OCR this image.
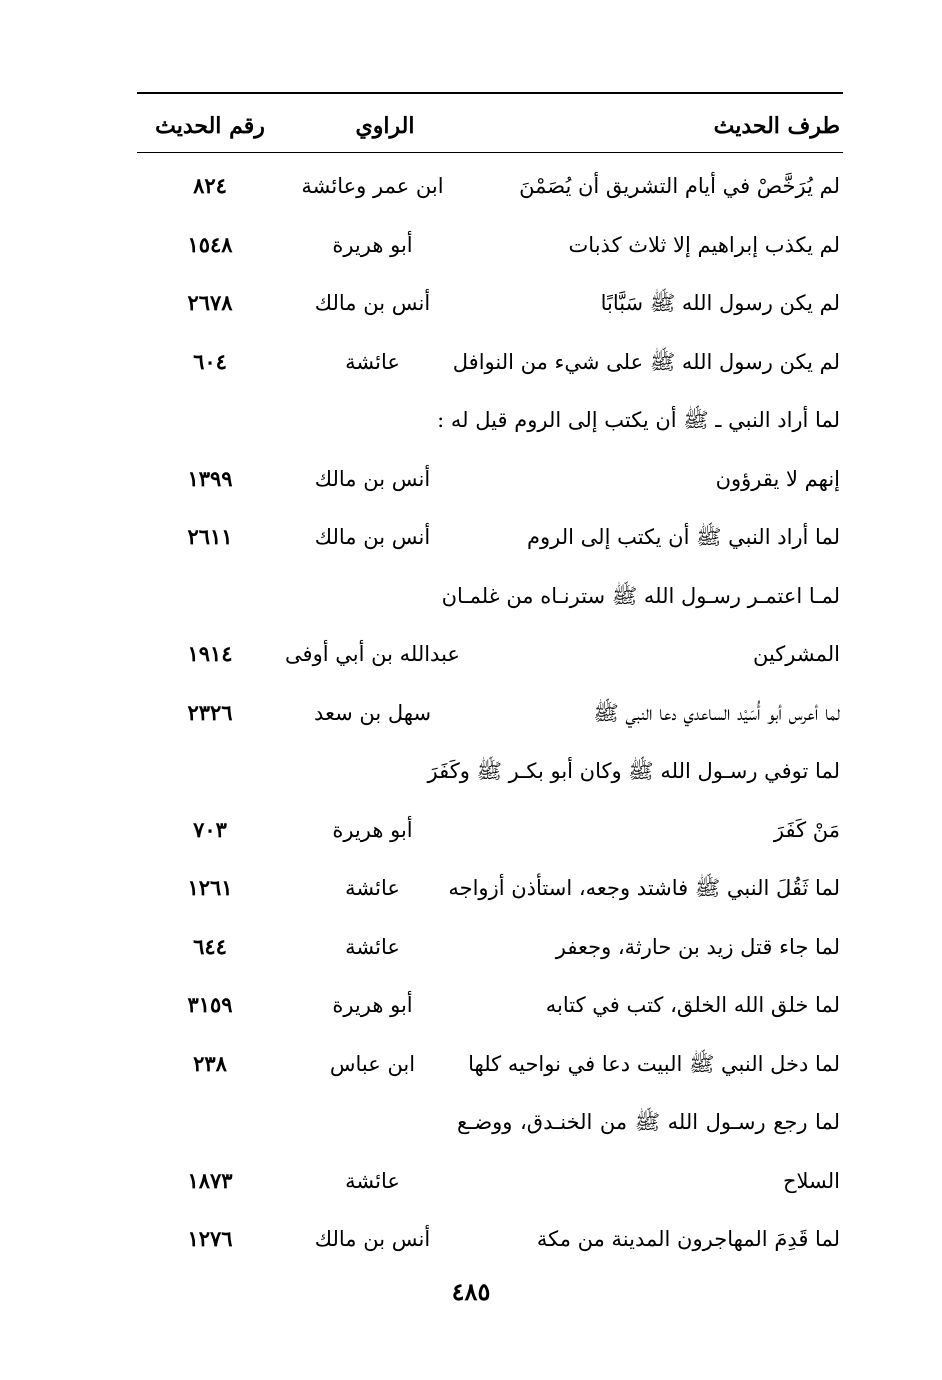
طرف الحديث
الراوي
رقم الحديث
لم يُرَخَّصْ في أيام التشريق أن يُصَمْنَ
ابن عمر وعائشة
٨٢٤
لم يكذب إبراهيم إلا ثلاث كذبات
أبو هريرة
١٥٤٨
لم يكن رسول الله ﷺ سَبَّابًا
أنس بن مالك
٢٦٧٨
لم يكن رسول الله ﷺ على شيء من النوافل
عائشة
٦٠٤
لما أراد النبي ـ ﷺ أن يكتب إلى الروم قيل له :
إنهم لا يقرؤون
أنس بن مالك
١٣٩٩
لما أراد النبي ﷺ أن يكتب إلى الروم
أنس بن مالك
٢٦١١
لمـا اعتمـر رسـول الله ﷺ سترنـاه من غلمـان
المشركين
عبدالله بن أبي أوفى
١٩١٤
لما أعرس أبو أُسَيْد الساعدي دعا النبي ﷺ
سهل بن سعد
٢٣٢٦
لما توفي رسـول الله ﷺ وكان أبو بكـر ﷺ وكَفَرَ
مَنْ كَفَرَ
أبو هريرة
٧٠٣
لما ثَقُلَ النبي ﷺ فاشتد وجعه، استأذن أزواجه
عائشة
١٢٦١
لما جاء قتل زيد بن حارثة، وجعفر
عائشة
٦٤٤
لما خلق الله الخلق، كتب في كتابه
أبو هريرة
٣١٥٩
لما دخل النبي ﷺ البيت دعا في نواحيه كلها
ابن عباس
٢٣٨
لما رجع رسـول الله ﷺ من الخنـدق، ووضـع
السلاح
عائشة
١٨٧٣
لما قَدِمَ المهاجرون المدينة من مكة
أنس بن مالك
١٢٧٦
٤٨٥
